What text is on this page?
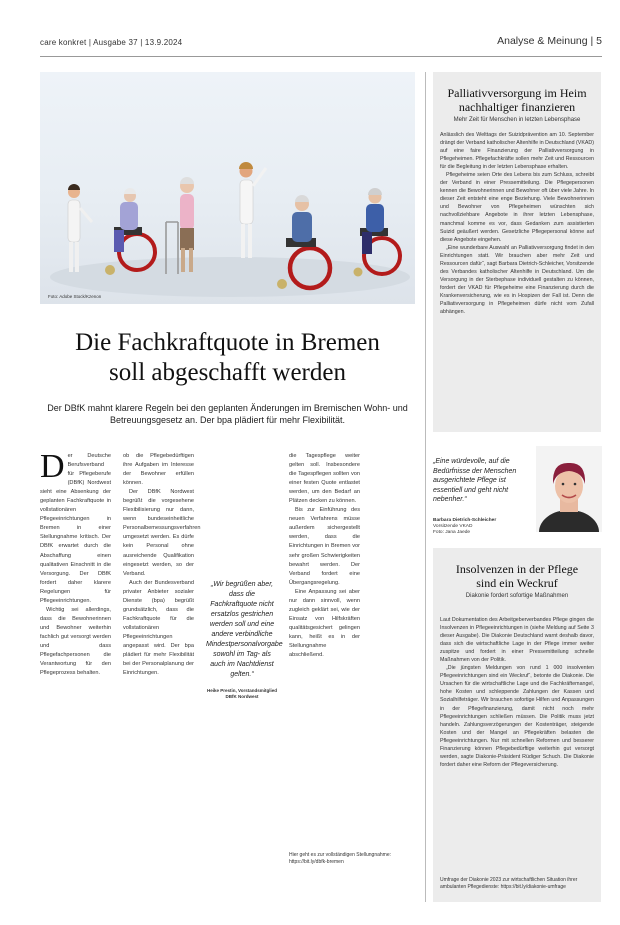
care konkret | Ausgabe 37 | 13.9.2024	Analyse & Meinung | 5
Foto: Adobe Stock/Kzenon
Die Fachkraftquote in Bremen
soll abgeschafft werden
Der DBfK mahnt klarere Regeln bei den geplanten Änderungen im Bremischen Wohn- und Betreuungsgesetz an. Der bpa plädiert für mehr Flexibilität.
D er Deutsche Berufsverband für Pflegeberufe (DBfK) Nordwest sieht eine Absenkung der geplanten Fachkraftquote in vollstationären Pflegeeinrichtungen in Bremen in einer Stellungnahme kritisch. Der DBfK erwartet durch die Abschaffung einen qualitativen Einschnitt in die Versorgung. Der DBfK fordert daher klarere Regelungen für Pflegeeinrichtungen.

Wichtig sei allerdings, dass die Bewohnerinnen und Bewohner weiterhin fachlich gut versorgt werden und dass Pflegefachpersonen die Verantwortung für den Pflegeprozess behalten.

ob die Pflegebedürftigen ihre Aufgaben im Interesse der Bewohner erfüllen können.

Der DBfK Nordwest begrüßt die vorgesehene Flexibilisierung nur dann, wenn bundeseinheitliche Personalbemessungsverfahren umgesetzt werden. Es dürfe kein Personal ohne ausreichende Qualifikation eingesetzt werden, so der Verband.

Auch der Bundesverband privater Anbieter sozialer Dienste (bpa) begrüßt grundsätzlich, dass die Fachkraftquote für die vollstationären Pflegeeinrichtungen angepasst wird. Der bpa plädiert für mehr Flexibilität bei der Personalplanung der Einrichtungen.

„Wir begrüßen aber, dass die Fachkraftquote nicht ersatzlos gestrichen werden soll und eine andere verbindliche Mindestpersonalvorgabe sowohl im Tag- als auch im Nachtdienst gelten.“
Heike Prestin, Vorstandsmitglied DBfK Nordwest

die Tagespflege weiter gelten soll. Insbesondere die Tagespflegen sollten von einer festen Quote entlastet werden, um den Bedarf an Plätzen decken zu können.

Bis zur Einführung des neuen Verfahrens müsse außerdem sichergestellt werden, dass die Einrichtungen in Bremen vor sehr großen Schwierigkeiten bewahrt werden. Der Verband fordert eine Übergangsregelung.

Eine Anpassung sei aber nur dann sinnvoll, wenn zugleich geklärt sei, wie der Einsatz von Hilfskräften qualitätsgesichert gelingen kann, heißt es in der Stellungnahme abschließend.

Hier geht es zur vollständigen Stellungnahme: https://bit.ly/dbfk-bremen
Palliativversorgung im Heim
nachhaltiger finanzieren
Mehr Zeit für Menschen in letzten Lebensphase

Anlässlich des Welttags der Suizidprävention am 10. September drängt der Verband katholischer Altenhilfe in Deutschland (VKAD) auf eine faire Finanzierung der Palliativversorgung in Pflegeheimen. Pflegefachkräfte sollen mehr Zeit und Ressourcen für die Begleitung in der letzten Lebensphase erhalten.

Pflegeheime seien Orte des Lebens bis zum Schluss, schreibt der Verband in einer Pressemitteilung. Die Pflegepersonen kennen die Bewohnerinnen und Bewohner oft über viele Jahre. In dieser Zeit entsteht eine enge Beziehung. Viele Bewohnerinnen und Bewohner von Pflegeheimen wünschten sich nachvollziehbare Angebote in ihrer letzten Lebensphase, manchmal komme es vor, dass Gedanken zum assistierten Suizid geäußert werden. Gesetzliche Pflegepersonal könne auf diese Angebote eingehen.

„Eine wunderbare Auswahl an Palliativversorgung findet in den Einrichtungen statt. Wir brauchen aber mehr Zeit und Ressourcen dafür“, sagt Barbara Dietrich-Schleicher, Vorsitzende des Verbandes katholischer Altenhilfe in Deutschland. Um die Versorgung in der Sterbephase individuell gestalten zu können, fordert der VKAD für Pflegeheime eine Finanzierung durch die Krankenversicherung, wie es in Hospizen der Fall ist. Denn die Palliativversorgung in Pflegeheimen dürfe nicht vom Zufall abhängen.

„Eine würdevolle, auf die Bedürfnisse der Menschen ausgerichtete Pflege ist essentiell und geht nicht nebenher.“
Barbara Dietrich-Schleicher
Vorsitzende VKAD
Foto: Jana Jaede
Insolvenzen in der Pflege
sind ein Weckruf
Diakonie fordert sofortige Maßnahmen

Laut Dokumentation des Arbeitgeberverbandes Pflege gingen die Insolvenzen in Pflegeeinrichtungen in (siehe Meldung auf Seite 3 dieser Ausgabe). Die Diakonie Deutschland warnt deshalb davor, dass sich die wirtschaftliche Lage in der Pflege immer weiter zuspitze und fordert in einer Pressemitteilung schnelle Maßnahmen von der Politik.

„Die jüngsten Meldungen von rund 1 000 insolventen Pflegeeinrichtungen sind ein Weckruf“, betonte die Diakonie. Die Ursachen für die wirtschaftliche Lage und die Fachkräftemangel, hohe Kosten und schleppende Zahlungen der Kassen und Sozialhilfeträger. Wir brauchen sofortige Hilfen und Anpassungen in der Pflegefinanzierung, damit nicht noch mehr Pflegeeinrichtungen schließen müssen. Die Politik muss jetzt handeln. Zahlungsverzögerungen der Kostenträger, steigende Kosten und der Mangel an Pflegekräften belasten die Pflegeeinrichtungen. Nur mit schnellen Reformen und besserer Finanzierung können Pflegebedürftige weiterhin gut versorgt werden, sagte Diakonie-Präsident Rüdiger Schuch. Die Diakonie fordert daher eine Reform der Pflegeversicherung.

Umfrage der Diakonie 2023 zur wirtschaftlichen Situation ihrer ambulanten Pflegedienste: https://bit.ly/diakonie-umfrage
